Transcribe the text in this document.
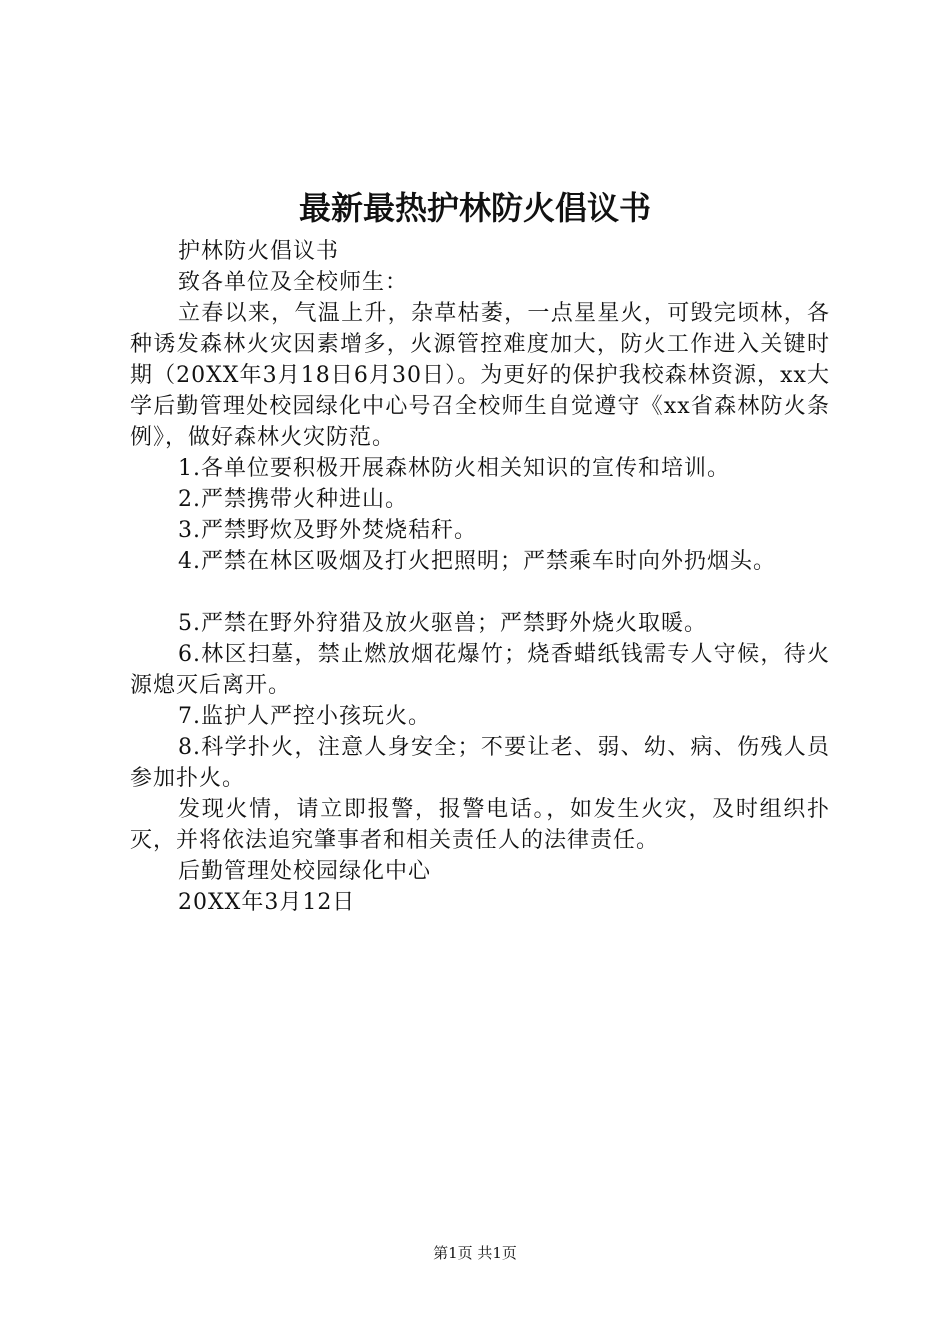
最新最热护林防火倡议书

护林防火倡议书

致各单位及全校师生：

立春以来，气温上升，杂草枯萎，一点星星火，可毁完顷林，各种诱发森林火灾因素增多，火源管控难度加大，防火工作进入关键时期（20XX年3月18日6月30日）。为更好的保护我校森林资源，xx大学后勤管理处校园绿化中心号召全校师生自觉遵守《xx省森林防火条例》，做好森林火灾防范。

1.各单位要积极开展森林防火相关知识的宣传和培训。

2.严禁携带火种进山。

3.严禁野炊及野外焚烧秸秆。

4.严禁在林区吸烟及打火把照明；严禁乘车时向外扔烟头。

5.严禁在野外狩猎及放火驱兽；严禁野外烧火取暖。

6.林区扫墓，禁止燃放烟花爆竹；烧香蜡纸钱需专人守候，待火源熄灭后离开。

7.监护人严控小孩玩火。

8.科学扑火，注意人身安全；不要让老、弱、幼、病、伤残人员参加扑火。

发现火情，请立即报警，报警电话。，如发生火灾，及时组织扑灭，并将依法追究肇事者和相关责任人的法律责任。

后勤管理处校园绿化中心

20XX年3月12日

第1页 共1页
